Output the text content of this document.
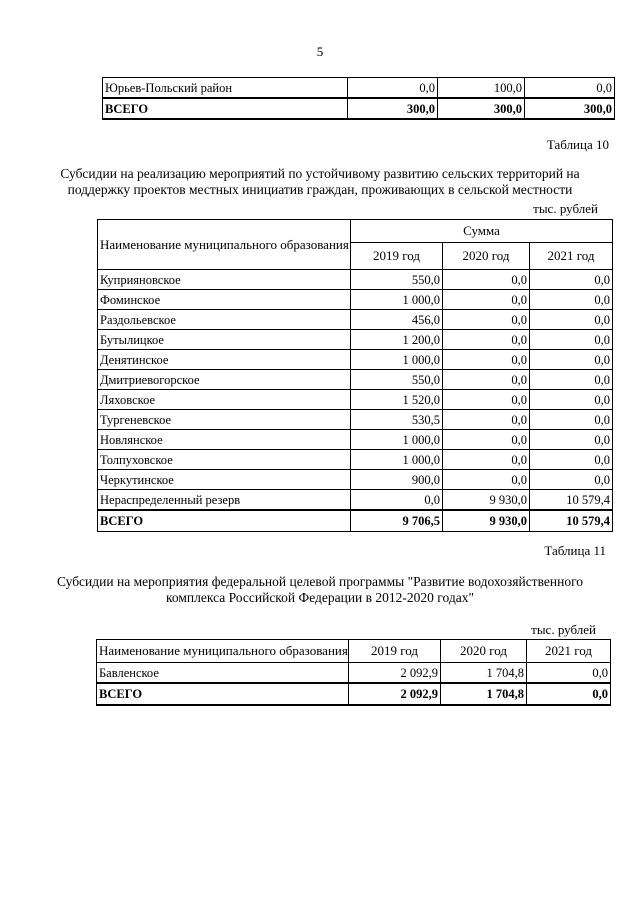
5
Юрьев-Польский район	0,0	100,0	0,0
ВСЕГО	300,0	300,0	300,0
Таблица 10
Субсидии на реализацию мероприятий по устойчивому развитию сельских территорий на
поддержку проектов местных инициатив граждан, проживающих в сельской местности
тыс. рублей
Наименование муниципального образования	Сумма		
	2019 год	2020 год	2021 год
Куприяновское	550,0	0,0	0,0
Фоминское	1 000,0	0,0	0,0
Раздольевское	456,0	0,0	0,0
Бутылицкое	1 200,0	0,0	0,0
Денятинское	1 000,0	0,0	0,0
Дмитриевогорское	550,0	0,0	0,0
Ляховское	1 520,0	0,0	0,0
Тургеневское	530,5	0,0	0,0
Новлянское	1 000,0	0,0	0,0
Толпуховское	1 000,0	0,0	0,0
Черкутинское	900,0	0,0	0,0
Нераспределенный резерв	0,0	9 930,0	10 579,4
ВСЕГО	9 706,5	9 930,0	10 579,4
Таблица 11
Субсидии на мероприятия федеральной целевой программы "Развитие водохозяйственного
комплекса Российской Федерации в 2012-2020 годах"
тыс. рублей
Наименование муниципального образования	2019 год	2020 год	2021 год
Бавленское	2 092,9	1 704,8	0,0
ВСЕГО	2 092,9	1 704,8	0,0
